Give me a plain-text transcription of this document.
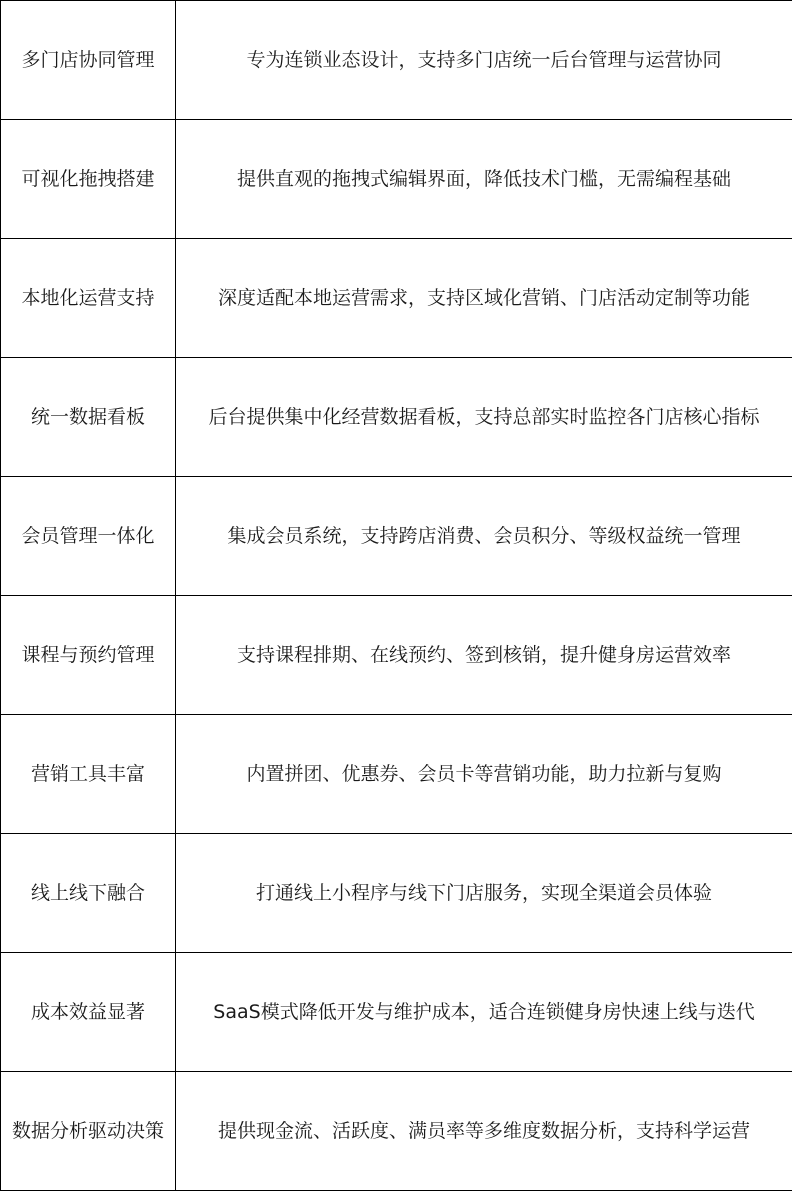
多门店协同管理	专为连锁业态设计，支持多门店统一后台管理与运营协同
可视化拖拽搭建	提供直观的拖拽式编辑界面，降低技术门槛，无需编程基础
本地化运营支持	深度适配本地运营需求，支持区域化营销、门店活动定制等功能
统一数据看板	后台提供集中化经营数据看板，支持总部实时监控各门店核心指标
会员管理一体化	集成会员系统，支持跨店消费、会员积分、等级权益统一管理
课程与预约管理	支持课程排期、在线预约、签到核销，提升健身房运营效率
营销工具丰富	内置拼团、优惠券、会员卡等营销功能，助力拉新与复购
线上线下融合	打通线上小程序与线下门店服务，实现全渠道会员体验
成本效益显著	SaaS模式降低开发与维护成本，适合连锁健身房快速上线与迭代
数据分析驱动决策	提供现金流、活跃度、满员率等多维度数据分析，支持科学运营
